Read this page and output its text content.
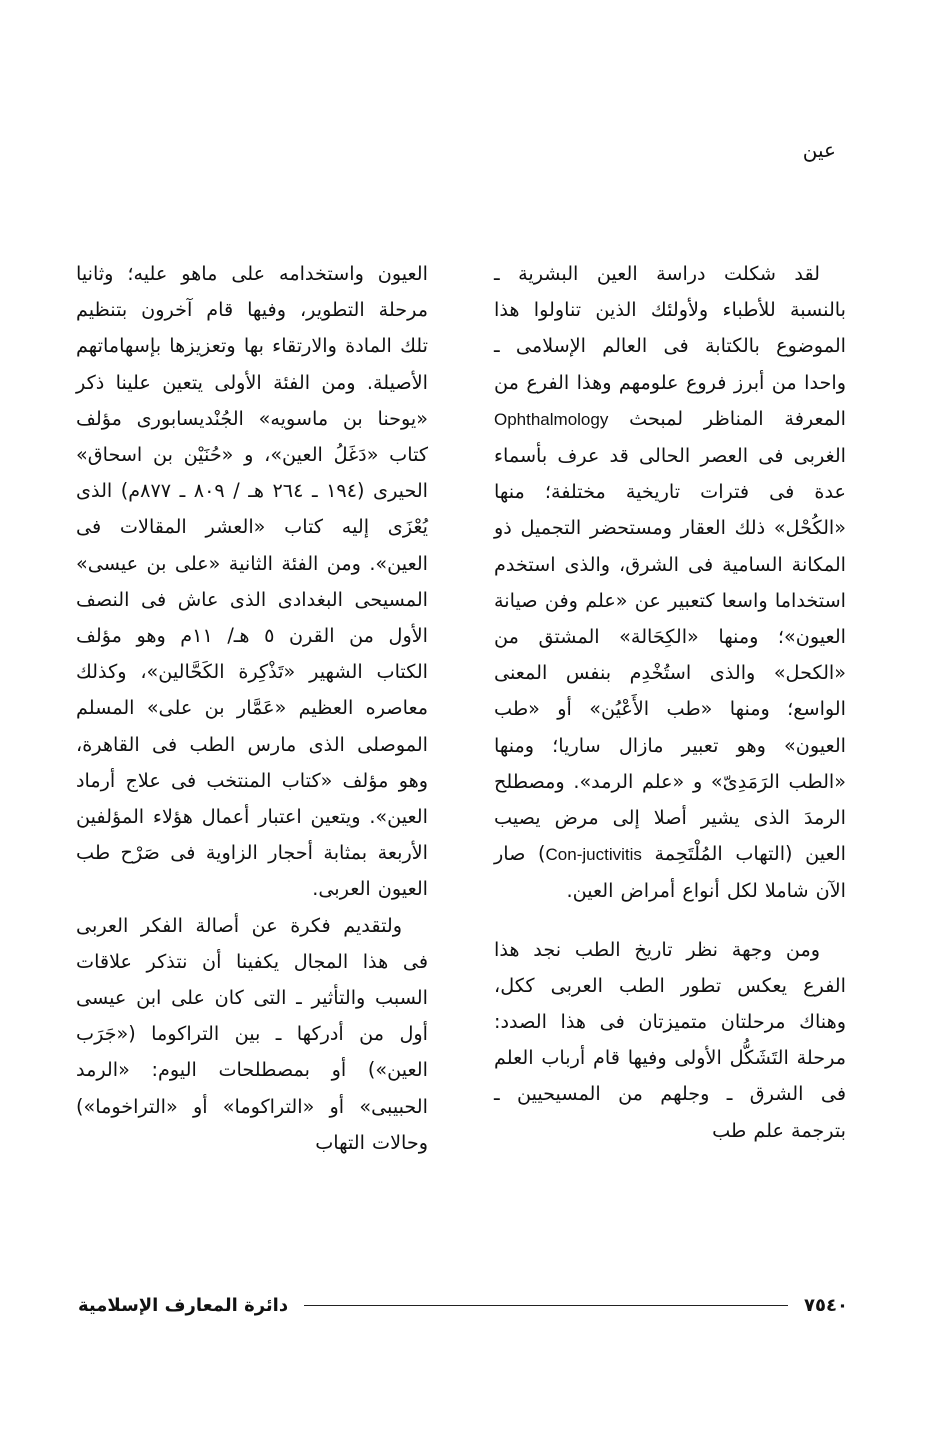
عين

لقد شكلت دراسة العين البشرية ـ بالنسبة للأطباء ولأولئك الذين تناولوا هذا الموضوع بالكتابة فى العالم الإسلامى ـ واحدا من أبرز فروع علومهم وهذا الفرع من المعرفة المناظر لمبحث Ophthalmology الغربى فى العصر الحالى قد عرف بأسماء عدة فى فترات تاريخية مختلفة؛ منها «الكُحْل» ذلك العقار ومستحضر التجميل ذو المكانة السامية فى الشرق، والذى استخدم استخداما واسعا كتعبير عن «علم وفن صيانة العيون»؛ ومنها «الكِحَالة» المشتق من «الكحل» والذى استُخْدِم بنفس المعنى الواسع؛ ومنها «طب الأَعْيُن» أو «طب العيون» وهو تعبير مازال ساريا؛ ومنها «الطب الرَمَدِىّ» و «علم الرمد». ومصطلح الرمدَ الذى يشير أصلا إلى مرض يصيب العين (التهاب المُلْتَحِمة Con-juctivitis) صار الآن شاملا لكل أنواع أمراض العين.

ومن وجهة نظر تاريخ الطب نجد هذا الفرع يعكس تطور الطب العربى ككل، وهناك مرحلتان متميزتان فى هذا الصدد: مرحلة التَشَكُّل الأولى وفيها قام أرباب العلم فى الشرق ـ وجلهم من المسيحيين ـ بترجمة علم طب

العيون واستخدامه على ماهو عليه؛ وثانيا مرحلة التطوير، وفيها قام آخرون بتنظيم تلك المادة والارتقاء بها وتعزيزها بإسهاماتهم الأصيلة. ومن الفئة الأولى يتعين علينا ذكر «يوحنا بن ماسويه» الجُنْديسابورى مؤلف كتاب «دَغَلُ العين»، و «حُنَيْن بن اسحاق» الحيرى (١٩٤ ـ ٢٦٤ هـ / ٨٠٩ ـ ٨٧٧م) الذى يُعْزَى إليه كتاب «العشر المقالات فى العين». ومن الفئة الثانية «على بن عيسى» المسيحى البغدادى الذى عاش فى النصف الأول من القرن ٥ هـ/ ١١م وهو مؤلف الكتاب الشهير «تَذْكِرة الكَحَّالين»، وكذلك معاصره العظيم «عَمَّار بن على» المسلم الموصلى الذى مارس الطب فى القاهرة، وهو مؤلف «كتاب المنتخب فى علاج أرماد العين». ويتعين اعتبار أعمال هؤلاء المؤلفين الأربعة بمثابة أحجار الزاوية فى صَرْح طب العيون العربى.

ولتقديم فكرة عن أصالة الفكر العربى فى هذا المجال يكفينا أن نتذكر علاقات السبب والتأثير ـ التى كان على ابن عيسى أول من أدركها ـ بين التراكوما («جَرَب العين») أو بمصطلحات اليوم: «الرمد الحبيبى» أو «التراكوما» أو «التراخوما») وحالات التهاب

دائرة المعارف الإسلامية	٧٥٤٠
